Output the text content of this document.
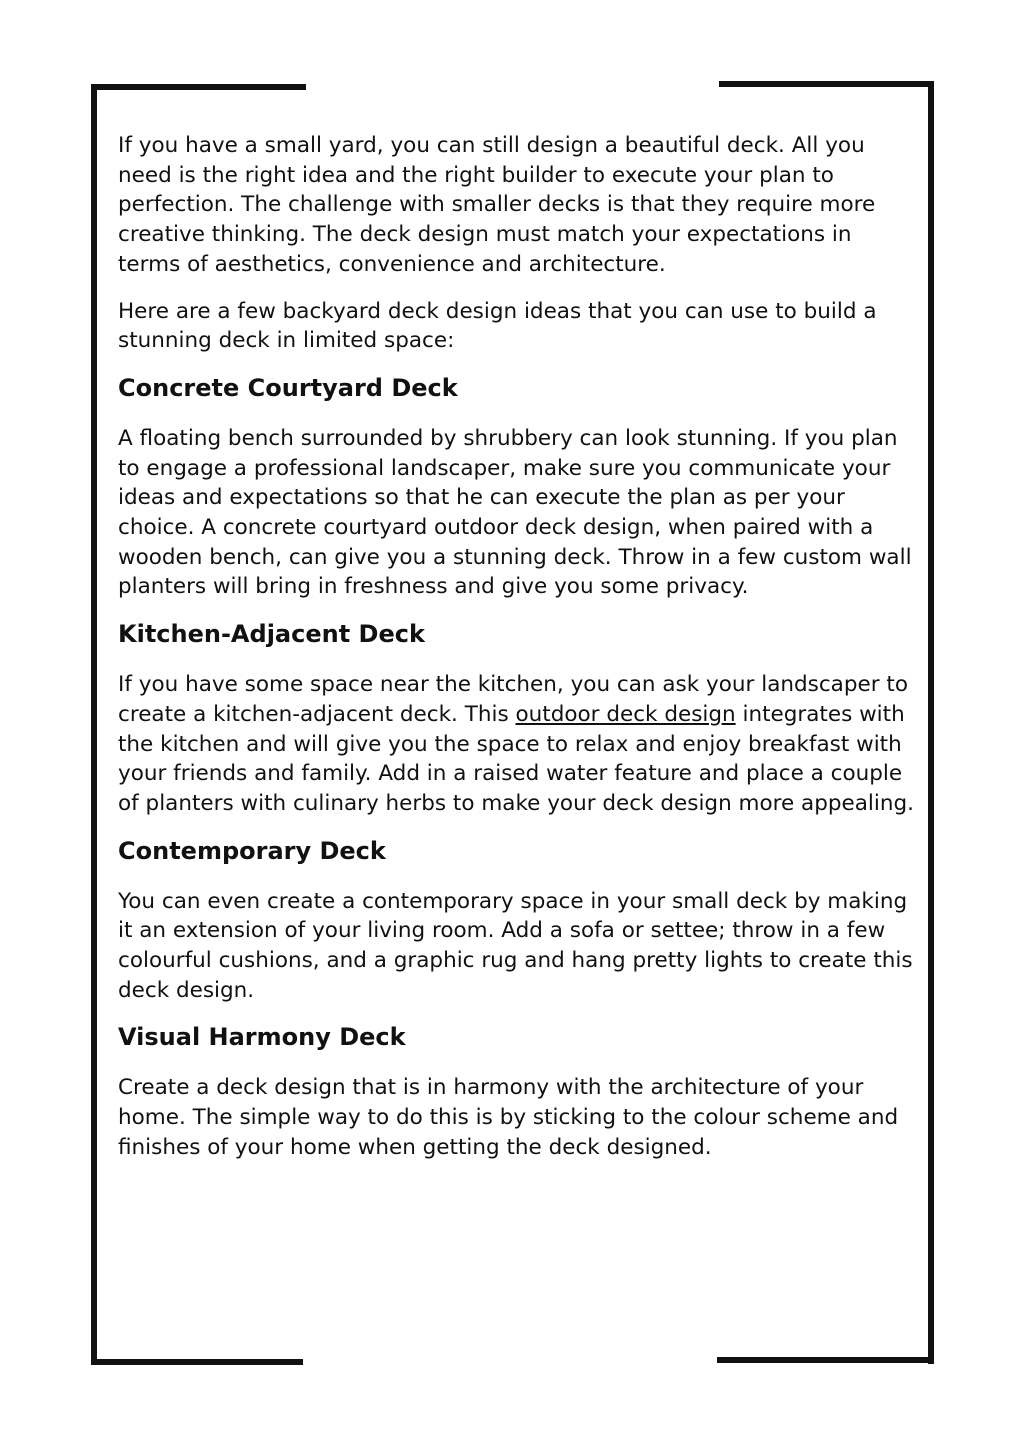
If you have a small yard, you can still design a beautiful deck. All you need is the right idea and the right builder to execute your plan to perfection. The challenge with smaller decks is that they require more creative thinking. The deck design must match your expectations in terms of aesthetics, convenience and architecture.

Here are a few backyard deck design ideas that you can use to build a stunning deck in limited space:

Concrete Courtyard Deck

A floating bench surrounded by shrubbery can look stunning. If you plan to engage a professional landscaper, make sure you communicate your ideas and expectations so that he can execute the plan as per your choice. A concrete courtyard outdoor deck design, when paired with a wooden bench, can give you a stunning deck. Throw in a few custom wall planters will bring in freshness and give you some privacy.

Kitchen-Adjacent Deck

If you have some space near the kitchen, you can ask your landscaper to create a kitchen-adjacent deck. This outdoor deck design integrates with the kitchen and will give you the space to relax and enjoy breakfast with your friends and family. Add in a raised water feature and place a couple of planters with culinary herbs to make your deck design more appealing.

Contemporary Deck

You can even create a contemporary space in your small deck by making it an extension of your living room. Add a sofa or settee; throw in a few colourful cushions, and a graphic rug and hang pretty lights to create this deck design.

Visual Harmony Deck

Create a deck design that is in harmony with the architecture of your home. The simple way to do this is by sticking to the colour scheme and finishes of your home when getting the deck designed.
